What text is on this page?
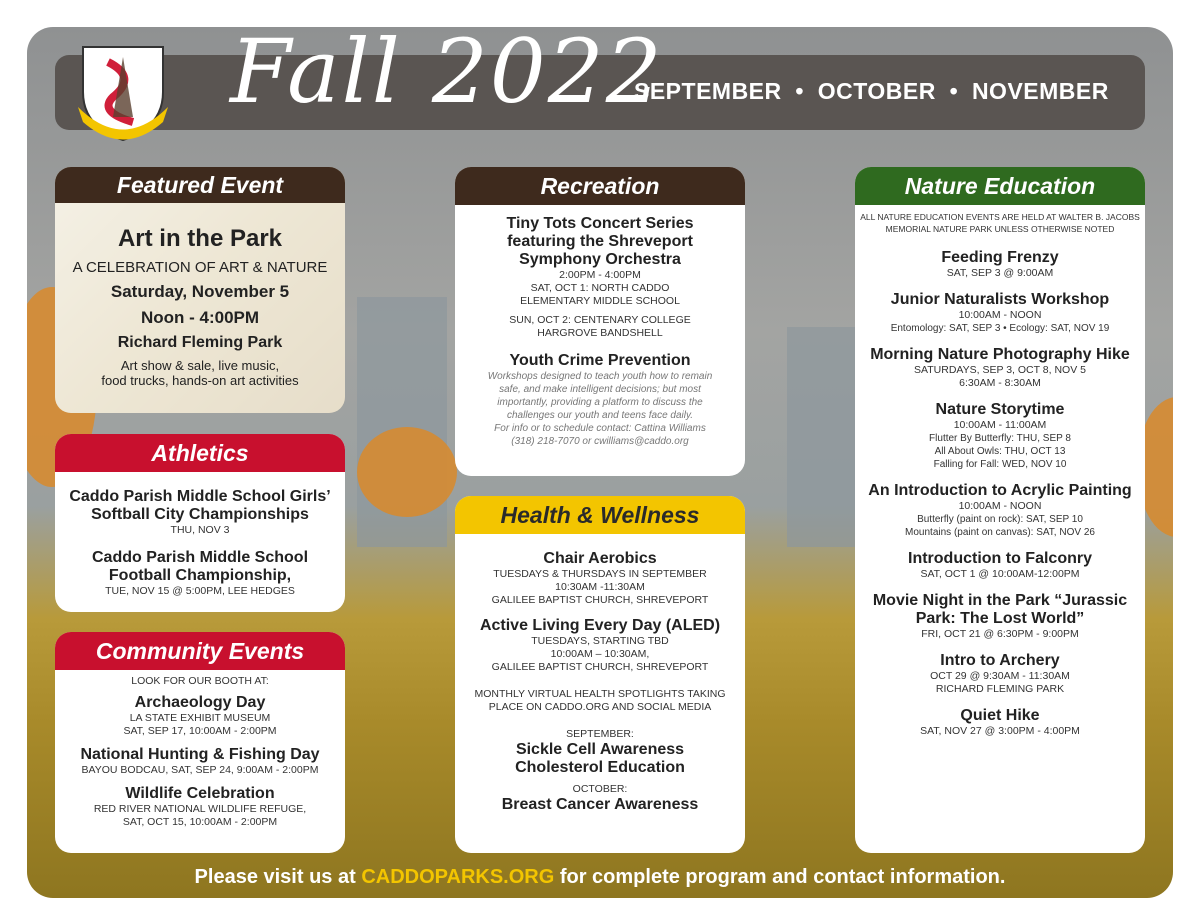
Fall 2022
SEPTEMBER  •  OCTOBER  •  NOVEMBER
Featured Event
Art in the Park
A CELEBRATION OF ART & NATURE
Saturday, November 5
Noon - 4:00PM
Richard Fleming Park
Art show & sale, live music,
food trucks, hands-on art activities
Athletics
Caddo Parish Middle School Girls’
Softball City Championships
THU, NOV 3
Caddo Parish Middle School
Football Championship,
TUE, NOV 15 @ 5:00PM, LEE HEDGES
Community Events
LOOK FOR OUR BOOTH AT:
Archaeology Day
LA STATE EXHIBIT MUSEUM
SAT, SEP 17, 10:00AM - 2:00PM
National Hunting & Fishing Day
BAYOU BODCAU, SAT, SEP 24, 9:00AM - 2:00PM
Wildlife Celebration
RED RIVER NATIONAL WILDLIFE REFUGE,
SAT, OCT 15, 10:00AM - 2:00PM
Recreation
Tiny Tots Concert Series
featuring the Shreveport
Symphony Orchestra
2:00PM - 4:00PM
SAT, OCT 1: NORTH CADDO
ELEMENTARY MIDDLE SCHOOL
SUN, OCT 2: CENTENARY COLLEGE
HARGROVE BANDSHELL
Youth Crime Prevention
Workshops designed to teach youth how to remain
safe, and make intelligent decisions; but most
importantly, providing a platform to discuss the
challenges our youth and teens face daily.
For info or to schedule contact: Cattina Williams
(318) 218-7070 or cwilliams@caddo.org
Health & Wellness
Chair Aerobics
TUESDAYS & THURSDAYS IN SEPTEMBER
10:30AM -11:30AM
GALILEE BAPTIST CHURCH, SHREVEPORT
Active Living Every Day (ALED)
TUESDAYS, STARTING TBD
10:00AM – 10:30AM,
GALILEE BAPTIST CHURCH, SHREVEPORT
MONTHLY VIRTUAL HEALTH SPOTLIGHTS TAKING
PLACE ON CADDO.ORG AND SOCIAL MEDIA
SEPTEMBER:
Sickle Cell Awareness
Cholesterol Education
OCTOBER:
Breast Cancer Awareness
Nature Education
ALL NATURE EDUCATION EVENTS ARE HELD AT WALTER B. JACOBS
MEMORIAL NATURE PARK UNLESS OTHERWISE NOTED
Feeding Frenzy
SAT, SEP 3 @ 9:00AM
Junior Naturalists Workshop
10:00AM - NOON
Entomology: SAT, SEP 3 • Ecology: SAT, NOV 19
Morning Nature Photography Hike
SATURDAYS, SEP 3, OCT 8, NOV 5
6:30AM - 8:30AM
Nature Storytime
10:00AM - 11:00AM
Flutter By Butterfly: THU, SEP 8
All About Owls: THU, OCT 13
Falling for Fall: WED, NOV 10
An Introduction to Acrylic Painting
10:00AM - NOON
Butterfly (paint on rock): SAT, SEP 10
Mountains (paint on canvas): SAT, NOV 26
Introduction to Falconry
SAT, OCT 1 @ 10:00AM-12:00PM
Movie Night in the Park “Jurassic Park: The Lost World”
FRI, OCT 21 @ 6:30PM - 9:00PM
Intro to Archery
OCT 29 @ 9:30AM - 11:30AM
RICHARD FLEMING PARK
Quiet Hike
SAT, NOV 27 @ 3:00PM - 4:00PM
Please visit us at CADDOPARKS.ORG for complete program and contact information.
